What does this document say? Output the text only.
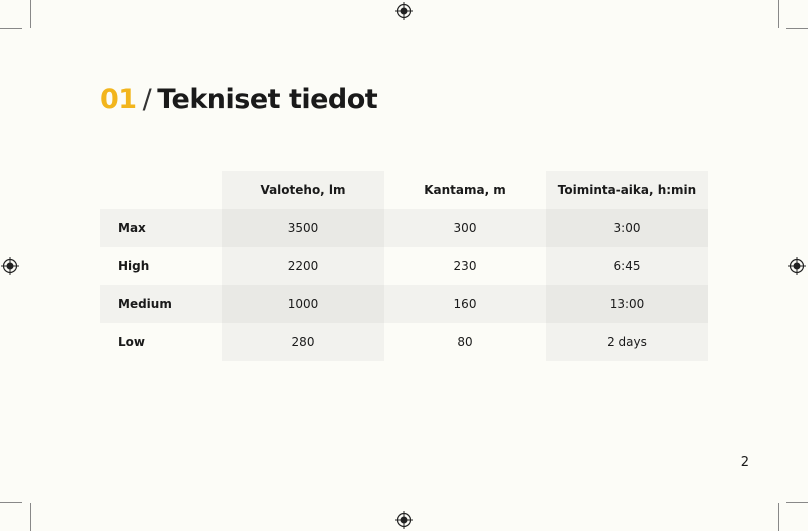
01 / Tekniset tiedot
	Valoteho, lm	Kantama, m	Toiminta-aika, h:min
Max	3500	300	3:00
High	2200	230	6:45
Medium	1000	160	13:00
Low	280	80	2 days
2
